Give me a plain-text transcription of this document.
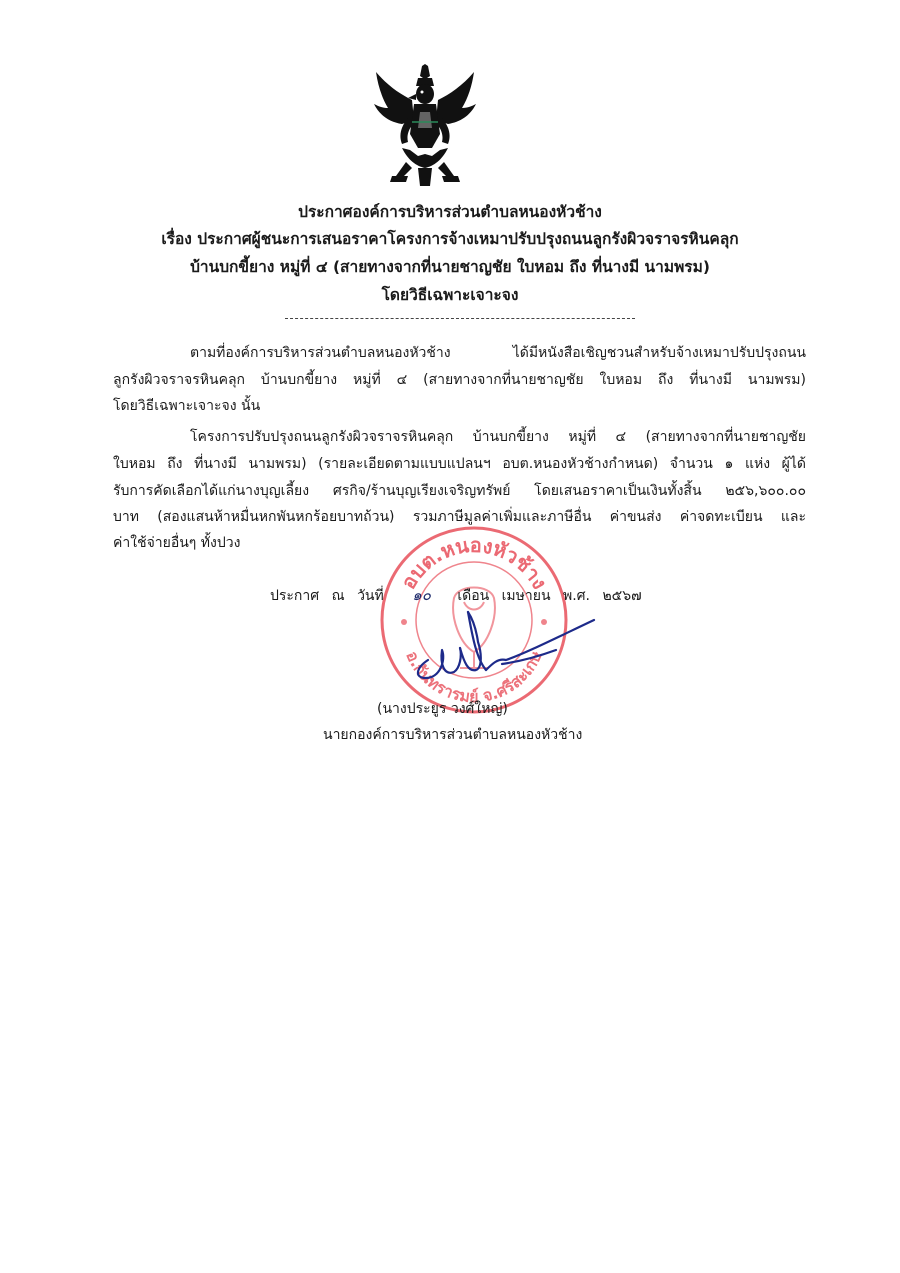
ประกาศองค์การบริหารส่วนตำบลหนองหัวช้าง
เรื่อง ประกาศผู้ชนะการเสนอราคาโครงการจ้างเหมาปรับปรุงถนนลูกรังผิวจราจรหินคลุก
บ้านบกขี้ยาง หมู่ที่ ๔ (สายทางจากที่นายชาญชัย ใบหอม ถึง ที่นางมี นามพรม)
โดยวิธีเฉพาะเจาะจง
ตามที่องค์การบริหารส่วนตำบลหนองหัวช้าง ได้มีหนังสือเชิญชวนสำหรับจ้างเหมาปรับปรุงถนน
ลูกรังผิวจราจรหินคลุก บ้านบกขี้ยาง หมู่ที่ ๔ (สายทางจากที่นายชาญชัย ใบหอม ถึง ที่นางมี นามพรม)
โดยวิธีเฉพาะเจาะจง นั้น
โครงการปรับปรุงถนนลูกรังผิวจราจรหินคลุก บ้านบกขี้ยาง หมู่ที่ ๔ (สายทางจากที่นายชาญชัย
ใบหอม ถึง ที่นางมี นามพรม) (รายละเอียดตามแบบแปลนฯ อบต.หนองหัวช้างกำหนด) จำนวน ๑ แห่ง ผู้ได้
รับการคัดเลือกได้แก่นางบุญเลี้ยง ศรกิจ/ร้านบุญเรียงเจริญทรัพย์ โดยเสนอราคาเป็นเงินทั้งสิ้น ๒๕๖,๖๐๐.๐๐
บาท (สองแสนห้าหมื่นหกพันหกร้อยบาทถ้วน) รวมภาษีมูลค่าเพิ่มและภาษีอื่น ค่าขนส่ง ค่าจดทะเบียน และ
ค่าใช้จ่ายอื่นๆ ทั้งปวง
อบต.หนองหัวช้าง
อ.กันทรารมย์ จ.ศรีสะเกษ
ประกาศ ณ วันที่ ๑๐ เดือน เมษายน พ.ศ. ๒๕๖๗
(นางประยูร วงศ์ใหญ่)
นายกองค์การบริหารส่วนตำบลหนองหัวช้าง
